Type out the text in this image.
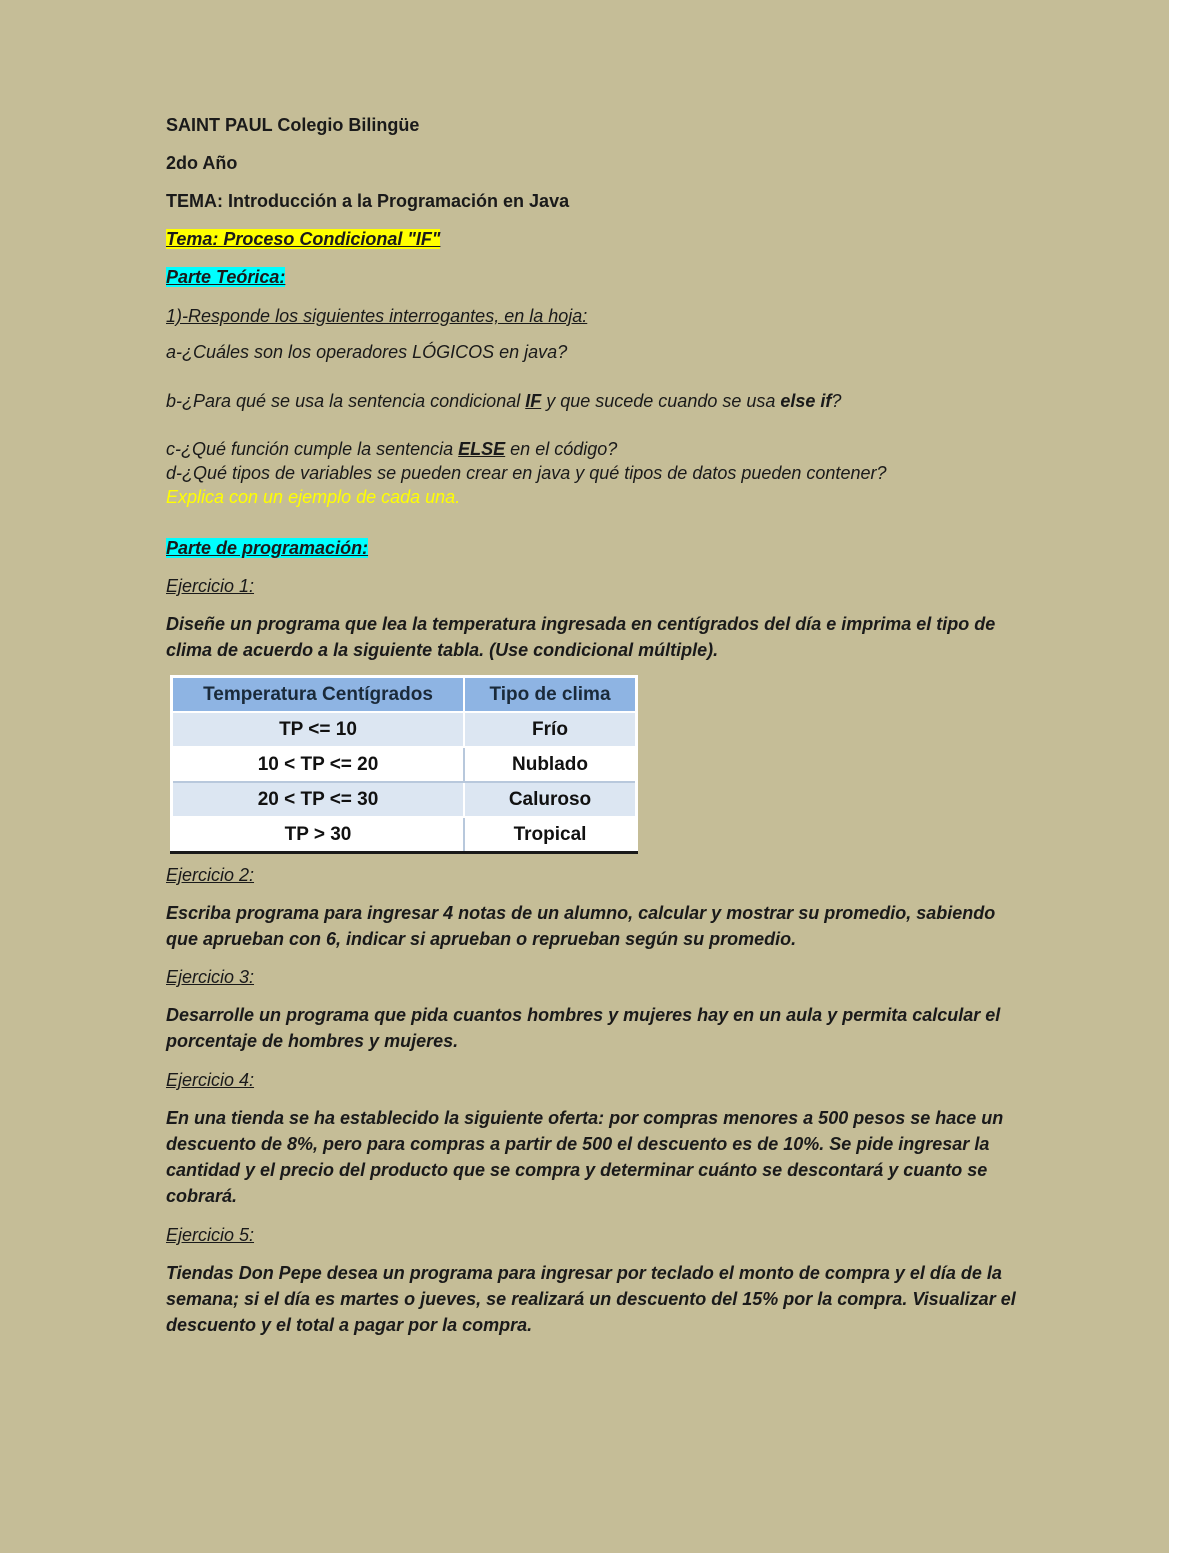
SAINT PAUL Colegio Bilingüe
2do Año
TEMA: Introducción a la Programación en Java
Tema: Proceso Condicional "IF"
Parte Teórica:
1)-Responde los siguientes interrogantes, en la hoja:
a-¿Cuáles son los operadores LÓGICOS en java?
b-¿Para qué se usa la sentencia condicional IF y que sucede cuando se usa else if?
c-¿Qué función cumple la sentencia ELSE en el código?
d-¿Qué tipos de variables se pueden crear en java y qué tipos de datos pueden contener?
Explica con un ejemplo de cada una.
Parte de programación:
Ejercicio 1:
Diseñe un programa que lea la temperatura ingresada en centígrados del día e imprima el tipo de clima de acuerdo a la siguiente tabla. (Use condicional múltiple).
Ejercicio 2:
Escriba programa para ingresar 4 notas de un alumno, calcular y mostrar su promedio, sabiendo que aprueban con 6, indicar si aprueban o reprueban según su promedio.
Ejercicio 3:
Desarrolle un programa que pida cuantos hombres y mujeres hay en un aula y permita calcular el porcentaje de hombres y mujeres.
Ejercicio 4:
En una tienda se ha establecido la siguiente oferta: por compras menores a 500 pesos se hace un descuento de 8%, pero para compras a partir de 500 el descuento es de 10%. Se pide ingresar la cantidad y el precio del producto que se compra y determinar cuánto se descontará y cuanto se cobrará.
Ejercicio 5:
Tiendas Don Pepe desea un programa para ingresar por teclado el monto de compra y el día de la semana; si el día es martes o jueves, se realizará un descuento del 15% por la compra. Visualizar el descuento y el total a pagar por la compra.
Temperatura Centígrados	Tipo de clima
TP <= 10	Frío
10 < TP <= 20	Nublado
20 < TP <= 30	Caluroso
TP > 30	Tropical
